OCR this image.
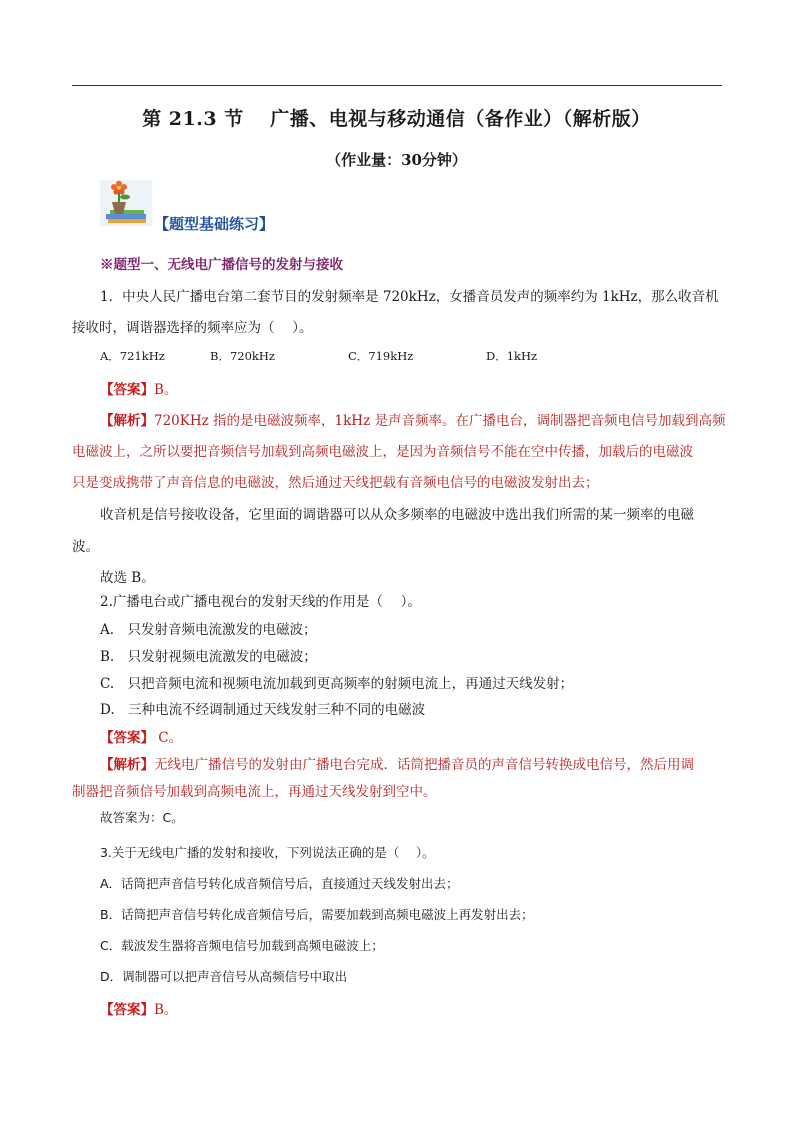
第 21.3 节　 广播、电视与移动通信（备作业）（解析版）
（作业量：30分钟）
【题型基础练习】
※题型一、无线电广播信号的发射与接收
1．中央人民广播电台第二套节目的发射频率是 720kHz，女播音员发声的频率约为 1kHz，那么收音机
接收时，调谐器选择的频率应为（　 ）。
A．721kHz	B．720kHz	C．719kHz	D．1kHz
【答案】B。
【解析】720KHz 指的是电磁波频率，1kHz 是声音频率。在广播电台，调制器把音频电信号加载到高频
电磁波上，之所以要把音频信号加载到高频电磁波上，是因为音频信号不能在空中传播，加载后的电磁波
只是变成携带了声音信息的电磁波，然后通过天线把载有音频电信号的电磁波发射出去；
收音机是信号接收设备，它里面的调谐器可以从众多频率的电磁波中选出我们所需的某一频率的电磁
波。
故选 B。
2.广播电台或广播电视台的发射天线的作用是（　 ）。
A.　只发射音频电流激发的电磁波；
B.　只发射视频电流激发的电磁波；
C.　只把音频电流和视频电流加载到更高频率的射频电流上，再通过天线发射；
D.　三种电流不经调制通过天线发射三种不同的电磁波
【答案】 C。
【解析】无线电广播信号的发射由广播电台完成．话筒把播音员的声音信号转换成电信号，然后用调
制器把音频信号加载到高频电流上，再通过天线发射到空中。
故答案为：C。
3.关于无线电广播的发射和接收，下列说法正确的是（　 ）。
A．话筒把声音信号转化成音频信号后，直接通过天线发射出去；
B．话筒把声音信号转化成音频信号后，需要加载到高频电磁波上再发射出去；
C．载波发生器将音频电信号加载到高频电磁波上；
D．调制器可以把声音信号从高频信号中取出
【答案】B。
